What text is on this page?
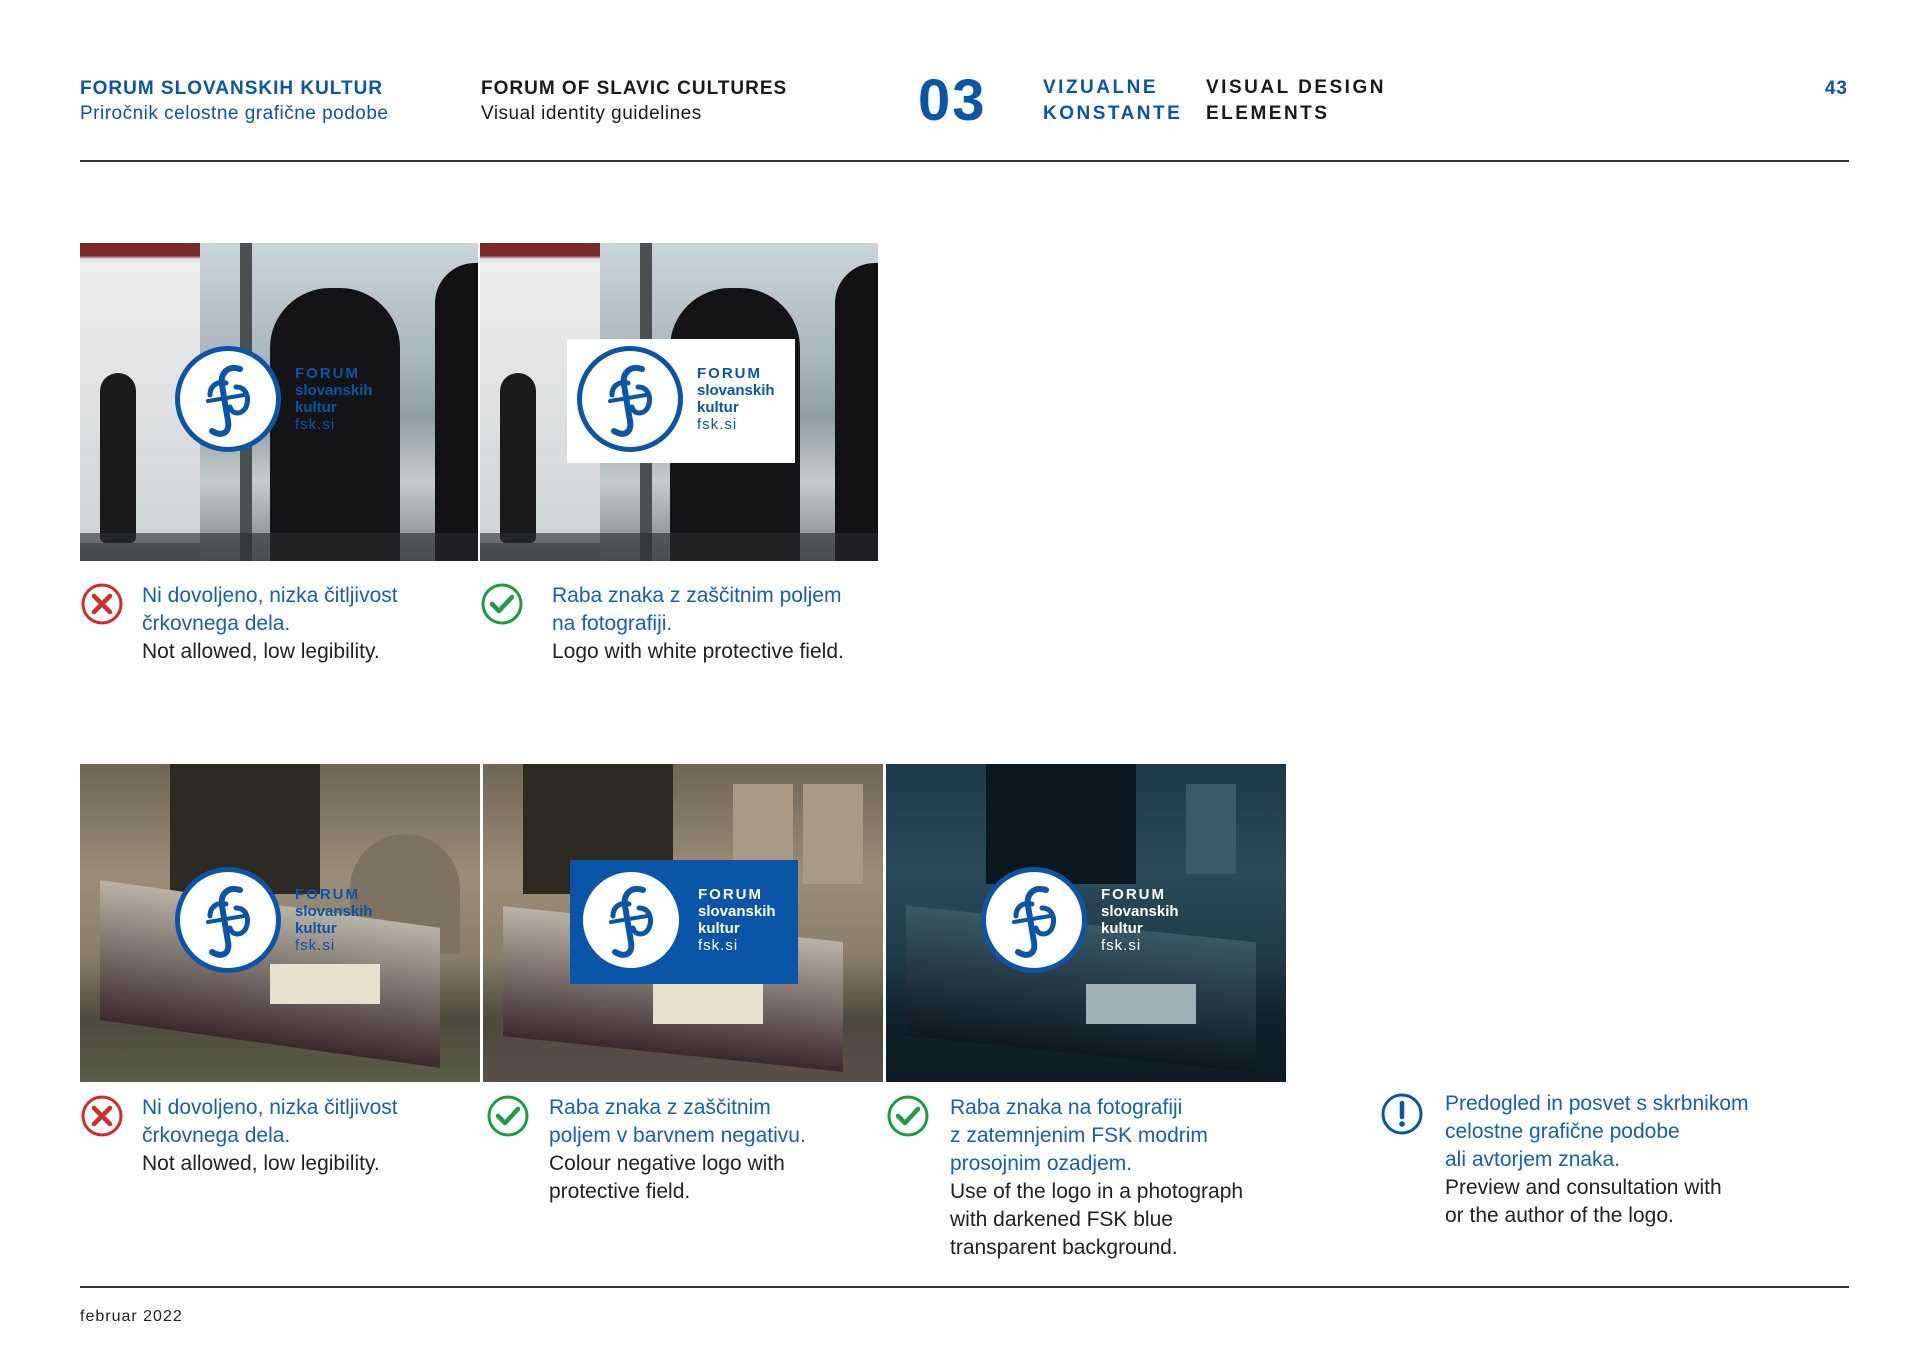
FORUM SLOVANSKIH KULTUR
Priročnik celostne grafične podobe
FORUM OF SLAVIC CULTURES
Visual identity guidelines	03	VIZUALNE
KONSTANTE
VISUAL DESIGN
ELEMENTS
43
FORUM
slovanskih
kultur
fsk.si
FORUM
slovanskih
kultur
fsk.si
FORUM
slovanskih
kultur
fsk.si
FORUM
slovanskih
kultur
fsk.si
FORUM
slovanskih
kultur
fsk.si
Ni dovoljeno, nizka čitljivost
črkovnega dela.
Not allowed, low legibility.
Raba znaka z zaščitnim poljem
na fotografiji.
Logo with white protective field.
Ni dovoljeno, nizka čitljivost
črkovnega dela.
Not allowed, low legibility.
Raba znaka z zaščitnim
poljem v barvnem negativu.
Colour negative logo with
protective field.
Raba znaka na fotografiji
z zatemnjenim FSK modrim
prosojnim ozadjem.
Use of the logo in a photograph
with darkened FSK blue
transparent background.
Predogled in posvet s skrbnikom
celostne grafične podobe
ali avtorjem znaka.
Preview and consultation with
or the author of the logo.
februar 2022
